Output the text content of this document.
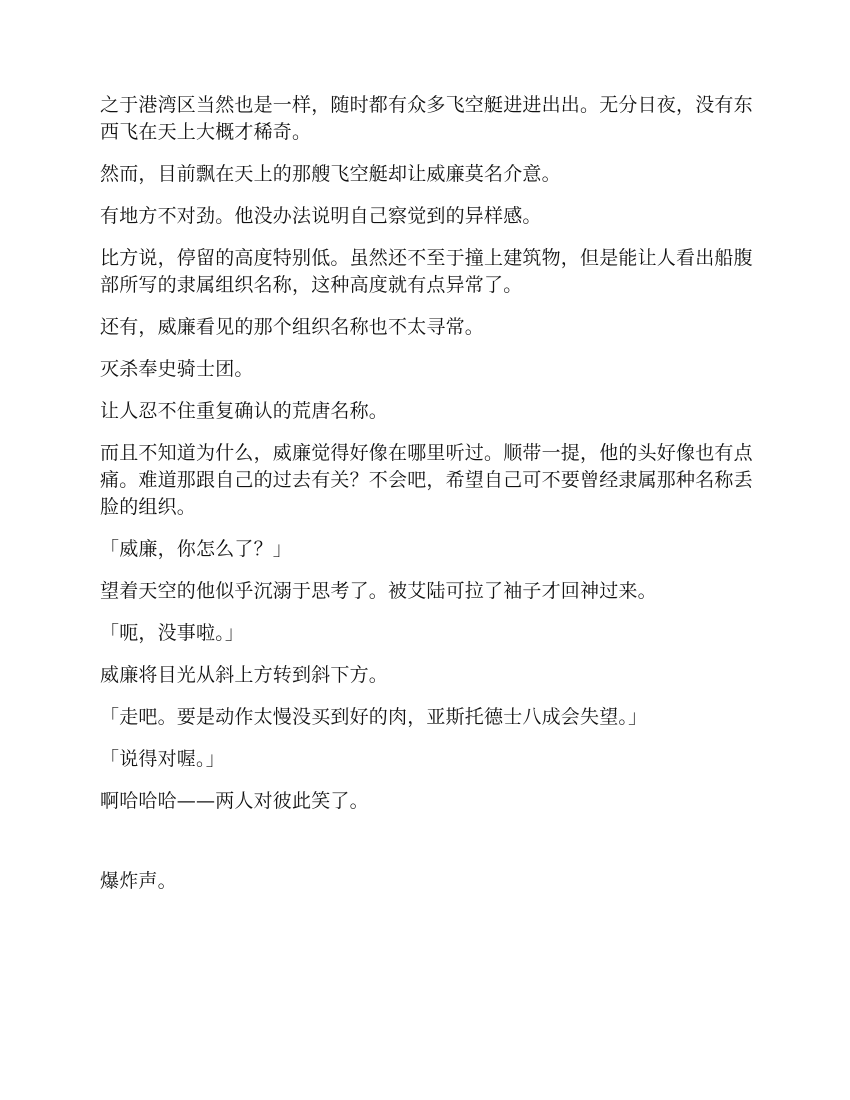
之于港湾区当然也是一样，随时都有众多飞空艇进进出出。无分日夜，没有东西飞在天上大概才稀奇。

然而，目前飘在天上的那艘飞空艇却让威廉莫名介意。

有地方不对劲。他没办法说明自己察觉到的异样感。

比方说，停留的高度特别低。虽然还不至于撞上建筑物，但是能让人看出船腹部所写的隶属组织名称，这种高度就有点异常了。

还有，威廉看见的那个组织名称也不太寻常。

灭杀奉史骑士团。

让人忍不住重复确认的荒唐名称。

而且不知道为什么，威廉觉得好像在哪里听过。顺带一提，他的头好像也有点痛。难道那跟自己的过去有关？不会吧，希望自己可不要曾经隶属那种名称丢脸的组织。

「威廉，你怎么了？」

望着天空的他似乎沉溺于思考了。被艾陆可拉了袖子才回神过来。

「呃，没事啦。」

威廉将目光从斜上方转到斜下方。

「走吧。要是动作太慢没买到好的肉，亚斯托德士八成会失望。」

「说得对喔。」

啊哈哈哈——两人对彼此笑了。

爆炸声。
